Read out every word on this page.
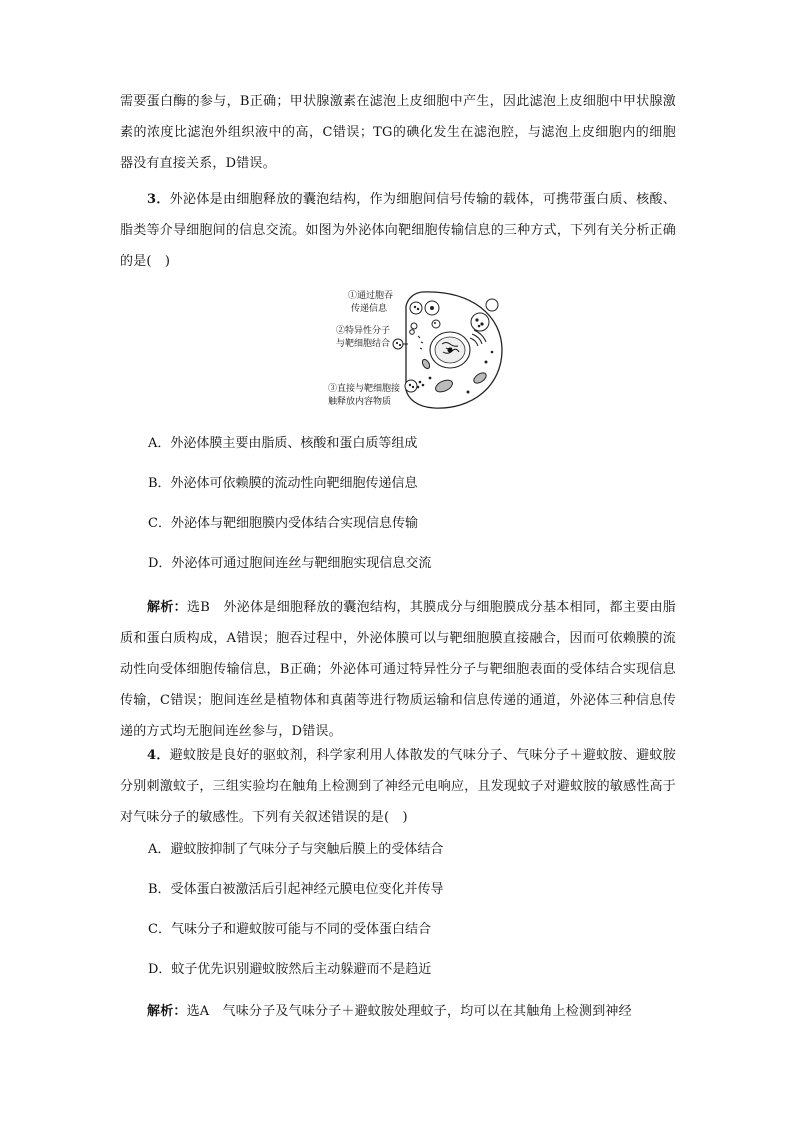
需要蛋白酶的参与，B正确；甲状腺激素在滤泡上皮细胞中产生，因此滤泡上皮细胞中甲状腺激素的浓度比滤泡外组织液中的高，C错误；TG的碘化发生在滤泡腔，与滤泡上皮细胞内的细胞器没有直接关系，D错误。

3．外泌体是由细胞释放的囊泡结构，作为细胞间信号传输的载体，可携带蛋白质、核酸、脂类等介导细胞间的信息交流。如图为外泌体向靶细胞传输信息的三种方式，下列有关分析正确的是(　)

①通过胞吞
传递信息
②特异性分子
与靶细胞结合
③直接与靶细胞接
触释放内容物质
A．外泌体膜主要由脂质、核酸和蛋白质等组成
B．外泌体可依赖膜的流动性向靶细胞传递信息
C．外泌体与靶细胞膜内受体结合实现信息传输
D．外泌体可通过胞间连丝与靶细胞实现信息交流

解析：选B　外泌体是细胞释放的囊泡结构，其膜成分与细胞膜成分基本相同，都主要由脂质和蛋白质构成，A错误；胞吞过程中，外泌体膜可以与靶细胞膜直接融合，因而可依赖膜的流动性向受体细胞传输信息，B正确；外泌体可通过特异性分子与靶细胞表面的受体结合实现信息传输，C错误；胞间连丝是植物体和真菌等进行物质运输和信息传递的通道，外泌体三种信息传递的方式均无胞间连丝参与，D错误。

4．避蚊胺是良好的驱蚊剂，科学家利用人体散发的气味分子、气味分子＋避蚊胺、避蚊胺分别刺激蚊子，三组实验均在触角上检测到了神经元电响应，且发现蚊子对避蚊胺的敏感性高于对气味分子的敏感性。下列有关叙述错误的是(　)

A．避蚊胺抑制了气味分子与突触后膜上的受体结合
B．受体蛋白被激活后引起神经元膜电位变化并传导
C．气味分子和避蚊胺可能与不同的受体蛋白结合
D．蚊子优先识别避蚊胺然后主动躲避而不是趋近

解析：选A　气味分子及气味分子＋避蚊胺处理蚊子，均可以在其触角上检测到神经
